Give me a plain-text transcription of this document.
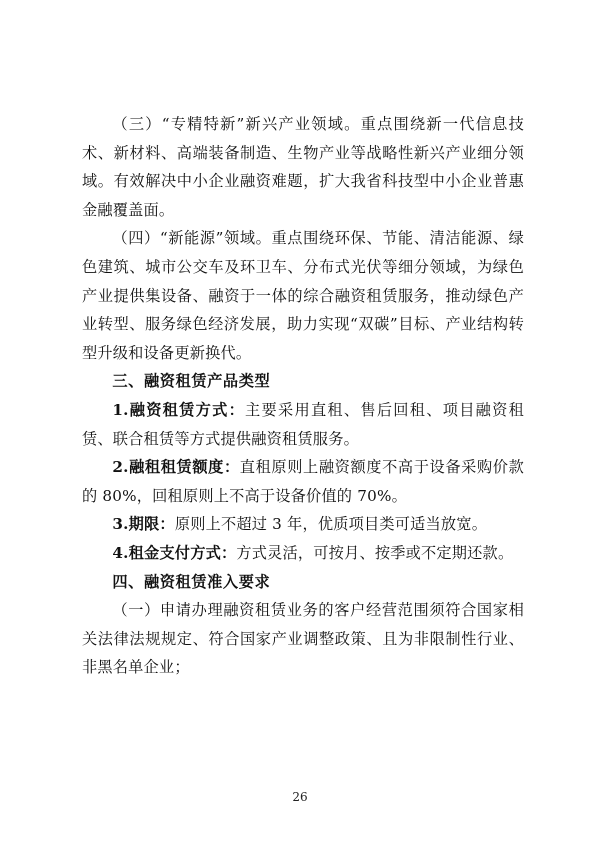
（三）“专精特新”新兴产业领域。重点围绕新一代信息技术、新材料、高端装备制造、生物产业等战略性新兴产业细分领域。有效解决中小企业融资难题，扩大我省科技型中小企业普惠金融覆盖面。

（四）“新能源”领域。重点围绕环保、节能、清洁能源、绿色建筑、城市公交车及环卫车、分布式光伏等细分领域，为绿色产业提供集设备、融资于一体的综合融资租赁服务，推动绿色产业转型、服务绿色经济发展，助力实现“双碳”目标、产业结构转型升级和设备更新换代。

三、融资租赁产品类型

1.融资租赁方式：主要采用直租、售后回租、项目融资租赁、联合租赁等方式提供融资租赁服务。

2.融租租赁额度：直租原则上融资额度不高于设备采购价款的 80%，回租原则上不高于设备价值的 70%。

3.期限：原则上不超过 3 年，优质项目类可适当放宽。

4.租金支付方式：方式灵活，可按月、按季或不定期还款。

四、融资租赁准入要求

（一）申请办理融资租赁业务的客户经营范围须符合国家相关法律法规规定、符合国家产业调整政策、且为非限制性行业、非黑名单企业；

26
